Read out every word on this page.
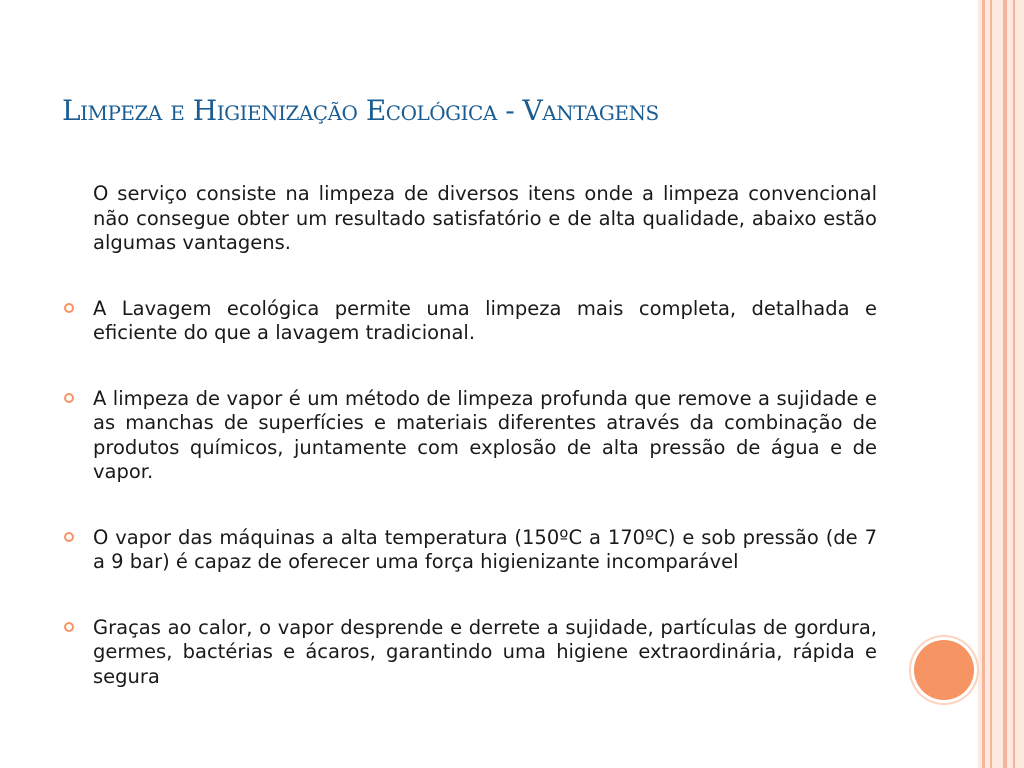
Limpeza e Higienização Ecológica - Vantagens

O serviço consiste na limpeza de diversos itens onde a limpeza convencional não consegue obter um resultado satisfatório e de alta qualidade, abaixo estão algumas vantagens.

A Lavagem ecológica permite uma limpeza mais completa, detalhada e eficiente do que a lavagem tradicional.
A limpeza de vapor é um método de limpeza profunda que remove a sujidade e as manchas de superfícies e materiais diferentes através da combinação de produtos químicos, juntamente com explosão de alta pressão de água e de vapor.
O vapor das máquinas a alta temperatura (150ºC a 170ºC) e sob pressão (de 7 a 9 bar) é capaz de oferecer uma força higienizante incomparável
Graças ao calor, o vapor desprende e derrete a sujidade, partículas de gordura, germes, bactérias e ácaros, garantindo uma higiene extraordinária, rápida e segura
